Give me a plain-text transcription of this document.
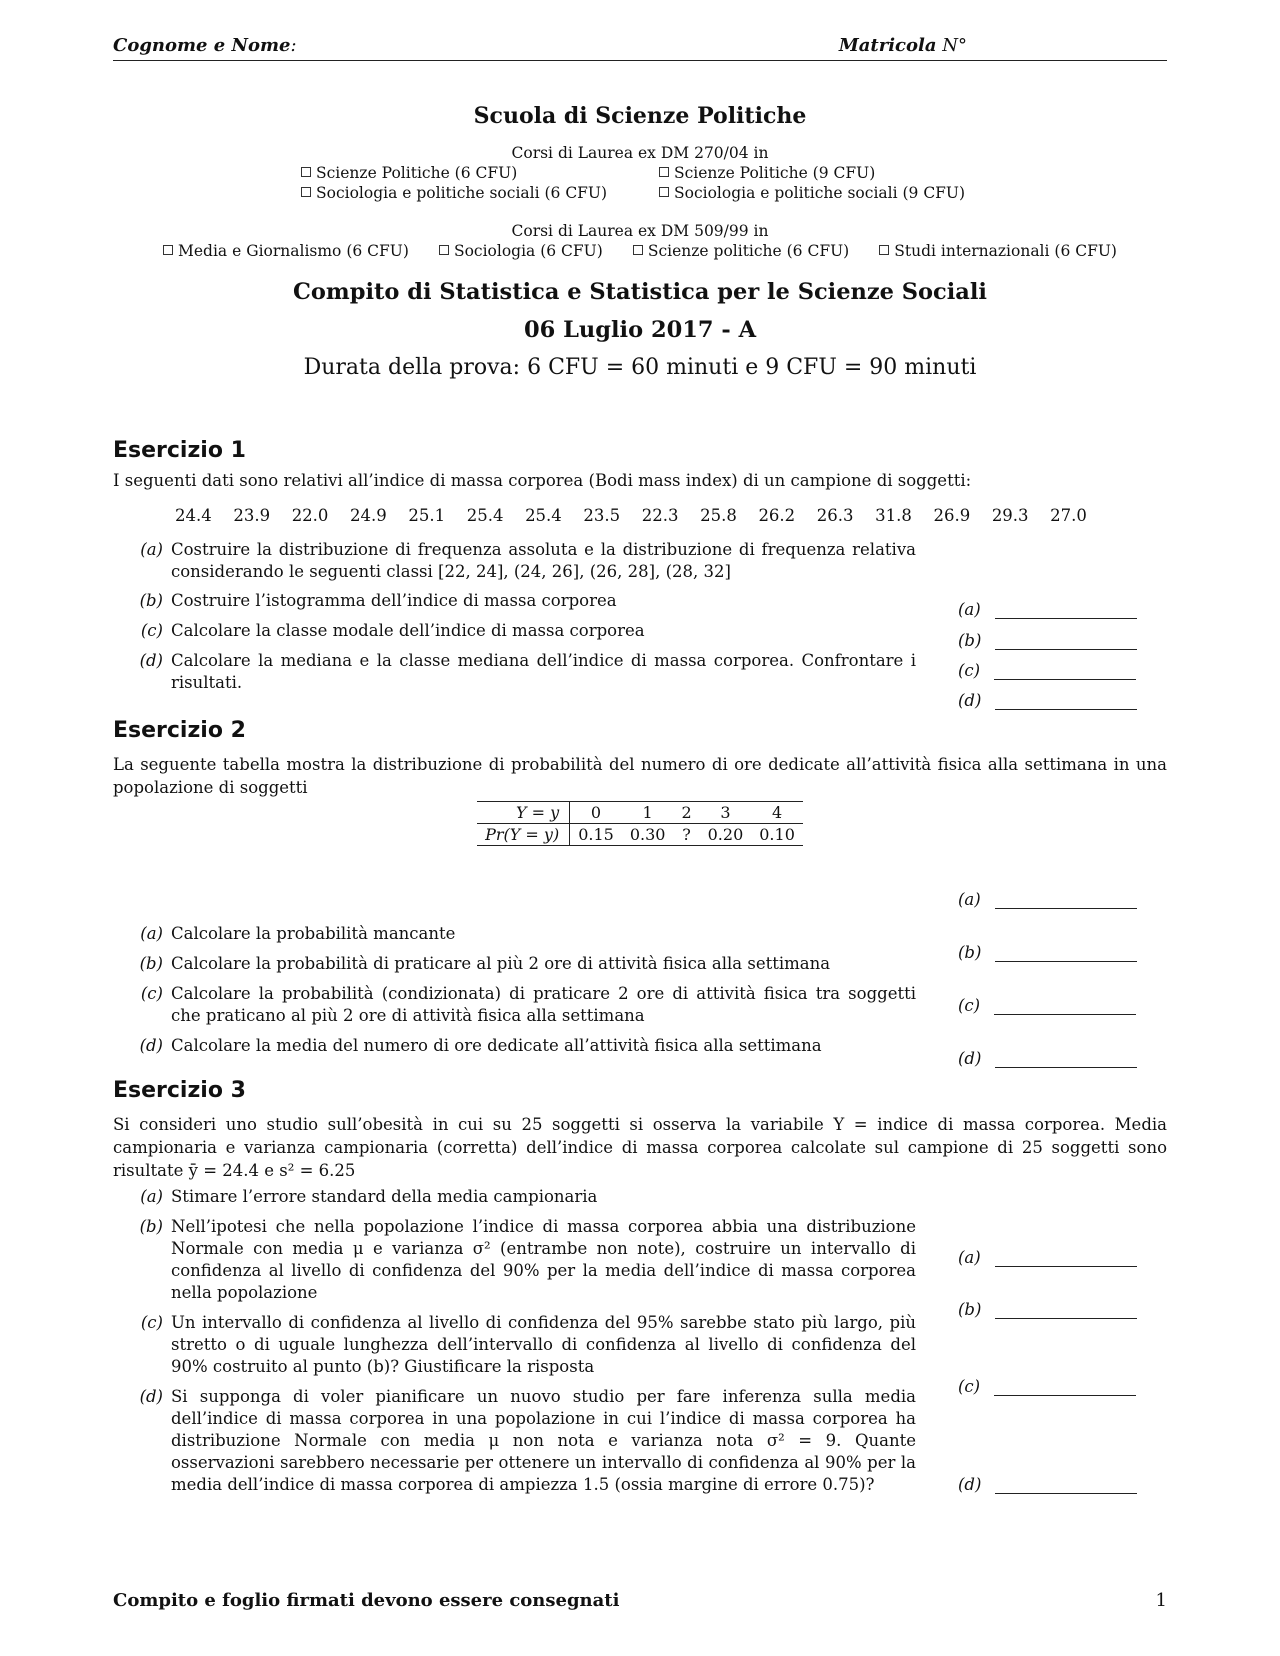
Cognome e Nome:	Matricola N°
Scuola di Scienze Politiche
Corsi di Laurea ex DM 270/04 in
Scienze Politiche (6 CFU)	Scienze Politiche (9 CFU)
Sociologia e politiche sociali (6 CFU)	Sociologia e politiche sociali (9 CFU)
Corsi di Laurea ex DM 509/99 in
Media e Giornalismo (6 CFU)	Sociologia (6 CFU)	Scienze politiche (6 CFU)	Studi internazionali (6 CFU)
Compito di Statistica e Statistica per le Scienze Sociali
06 Luglio 2017 - A
Durata della prova: 6 CFU = 60 minuti e 9 CFU = 90 minuti
Esercizio 1
I seguenti dati sono relativi all’indice di massa corporea (Bodi mass index) di un campione di soggetti:
24.4 23.9 22.0 24.9 25.1 25.4 25.4 23.5 22.3 25.8 26.2 26.3 31.8 26.9 29.3 27.0
(a) Costruire la distribuzione di frequenza assoluta e la distribuzione di frequenza relativa considerando le seguenti classi [22, 24], (24, 26], (26, 28], (28, 32]
(b) Costruire l’istogramma dell’indice di massa corporea
(c) Calcolare la classe modale dell’indice di massa corporea
(d) Calcolare la mediana e la classe mediana dell’indice di massa corporea. Confrontare i risultati.
(a)
(b)
(c)
(d)
Esercizio 2
La seguente tabella mostra la distribuzione di probabilità del numero di ore dedicate all’attività fisica alla settimana in una popolazione di soggetti
Y = y	0	1	2	3	4
Pr(Y = y)	0.15	0.30	?	0.20	0.10
(a) Calcolare la probabilità mancante
(b) Calcolare la probabilità di praticare al più 2 ore di attività fisica alla settimana
(c) Calcolare la probabilità (condizionata) di praticare 2 ore di attività fisica tra soggetti che praticano al più 2 ore di attività fisica alla settimana
(d) Calcolare la media del numero di ore dedicate all’attività fisica alla settimana
(a)
(b)
(c)
(d)
Esercizio 3
Si consideri uno studio sull’obesità in cui su 25 soggetti si osserva la variabile Y = indice di massa corporea. Media campionaria e varianza campionaria (corretta) dell’indice di massa corporea calcolate sul campione di 25 soggetti sono risultate ȳ = 24.4 e s² = 6.25
(a) Stimare l’errore standard della media campionaria
(b) Nell’ipotesi che nella popolazione l’indice di massa corporea abbia una distribuzione Normale con media μ e varianza σ² (entrambe non note), costruire un intervallo di confidenza al livello di confidenza del 90% per la media dell’indice di massa corporea nella popolazione
(c) Un intervallo di confidenza al livello di confidenza del 95% sarebbe stato più largo, più stretto o di uguale lunghezza dell’intervallo di confidenza al livello di confidenza del 90% costruito al punto (b)? Giustificare la risposta
(d) Si supponga di voler pianificare un nuovo studio per fare inferenza sulla media dell’indice di massa corporea in una popolazione in cui l’indice di massa corporea ha distribuzione Normale con media μ non nota e varianza nota σ² = 9. Quante osservazioni sarebbero necessarie per ottenere un intervallo di confidenza al 90% per la media dell’indice di massa corporea di ampiezza 1.5 (ossia margine di errore 0.75)?
(a)
(b)
(c)
(d)
Compito e foglio firmati devono essere consegnati	1
